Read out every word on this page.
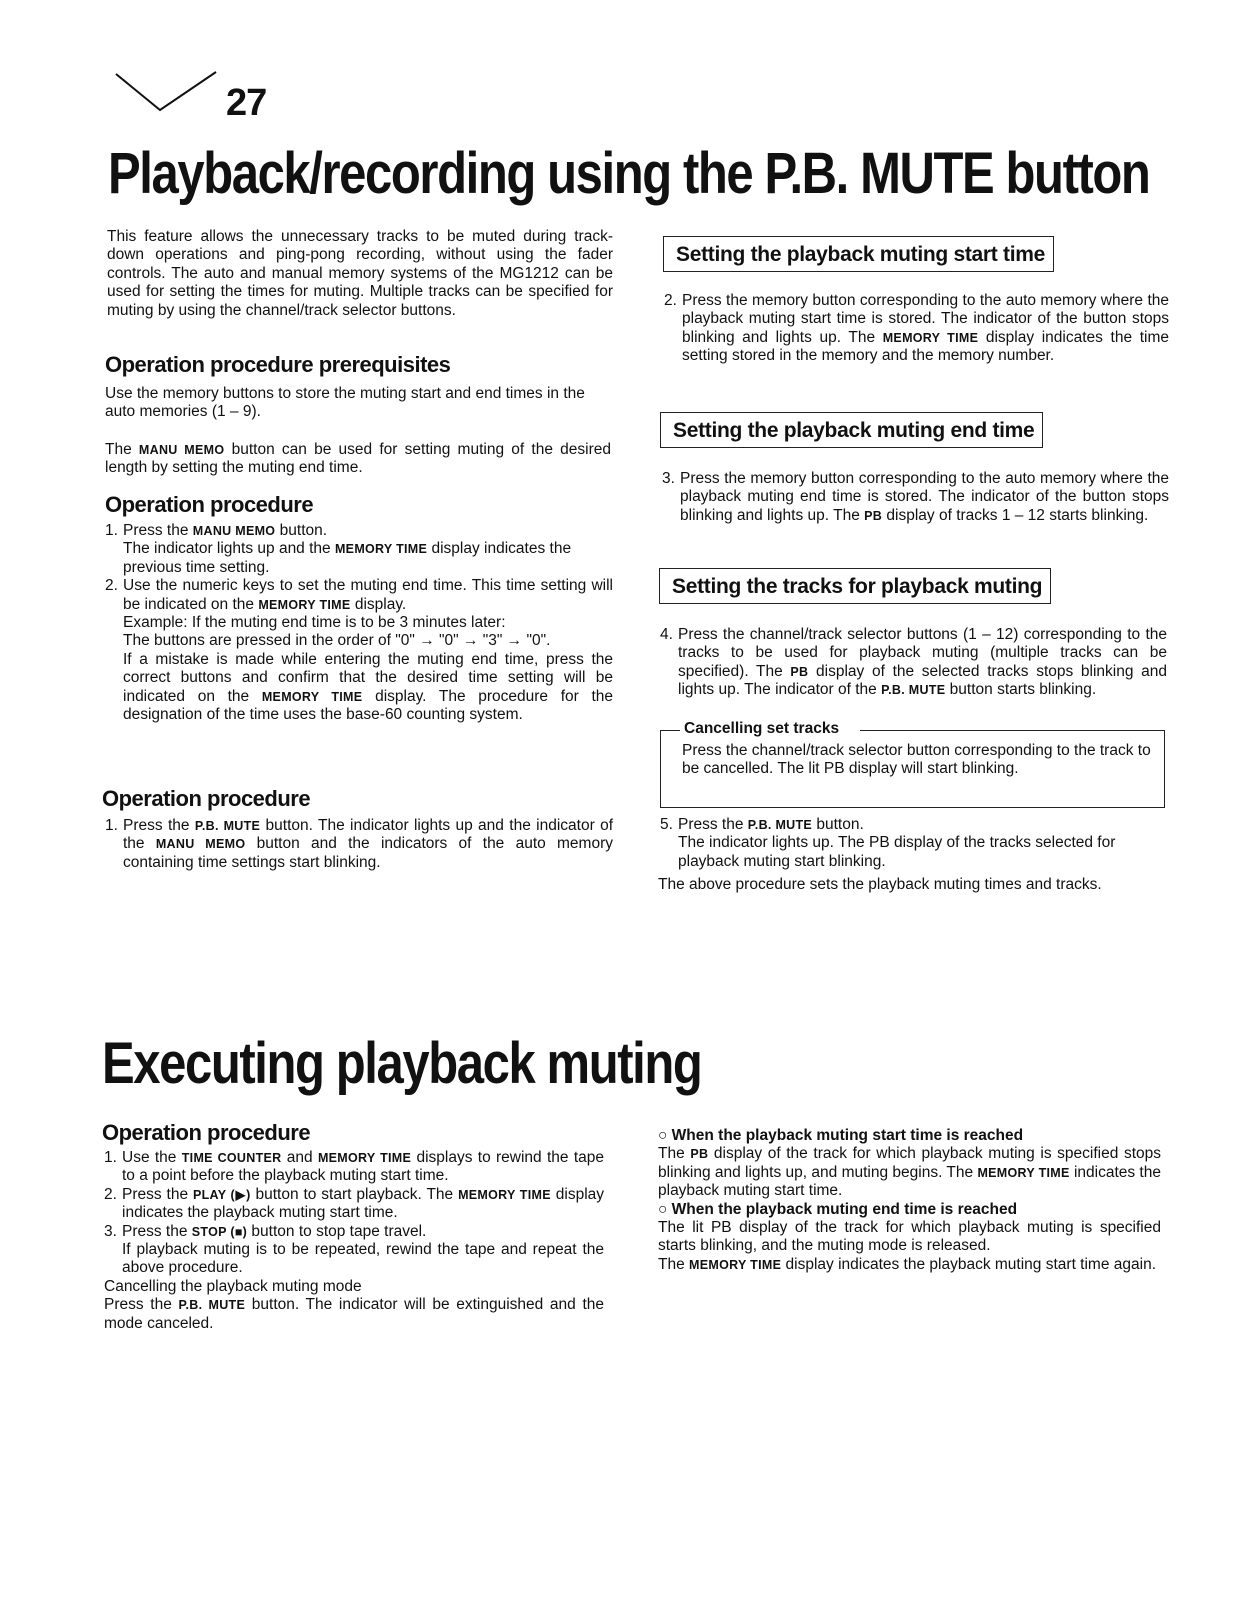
27
Playback/recording using the P.B. MUTE button
This feature allows the unnecessary tracks to be muted during track-down operations and ping-pong recording, without using the fader controls. The auto and manual memory systems of the MG1212 can be used for setting the times for muting. Multiple tracks can be specified for muting by using the channel/track selector buttons.
Operation procedure prerequisites
Use the memory buttons to store the muting start and end times in the auto memories (1 – 9).
The MANU MEMO button can be used for setting muting of the desired length by setting the muting end time.
Operation procedure
1. Press the MANU MEMO button.
The indicator lights up and the MEMORY TIME display indicates the previous time setting.
2. Use the numeric keys to set the muting end time. This time setting will be indicated on the MEMORY TIME display.
Example: If the muting end time is to be 3 minutes later:
The buttons are pressed in the order of "0" → "0" → "3" → "0".
If a mistake is made while entering the muting end time, press the correct buttons and confirm that the desired time setting will be indicated on the MEMORY TIME display. The procedure for the designation of the time uses the base-60 counting system.
Operation procedure
1. Press the P.B. MUTE button. The indicator lights up and the indicator of the MANU MEMO button and the indicators of the auto memory containing time settings start blinking.
Setting the playback muting start time
2. Press the memory button corresponding to the auto memory where the playback muting start time is stored. The indicator of the button stops blinking and lights up. The MEMORY TIME display indicates the time setting stored in the memory and the memory number.
Setting the playback muting end time
3. Press the memory button corresponding to the auto memory where the playback muting end time is stored. The indicator of the button stops blinking and lights up. The PB display of tracks 1 – 12 starts blinking.
Setting the tracks for playback muting
4. Press the channel/track selector buttons (1 – 12) corresponding to the tracks to be used for playback muting (multiple tracks can be specified). The PB display of the selected tracks stops blinking and lights up. The indicator of the P.B. MUTE button starts blinking.
Cancelling set tracks
Press the channel/track selector button corresponding to the track to be cancelled. The lit PB display will start blinking.
5. Press the P.B. MUTE button.
The indicator lights up. The PB display of the tracks selected for playback muting start blinking.
The above procedure sets the playback muting times and tracks.
Executing playback muting
Operation procedure
1. Use the TIME COUNTER and MEMORY TIME displays to rewind the tape to a point before the playback muting start time.
2. Press the PLAY (▶) button to start playback. The MEMORY TIME display indicates the playback muting start time.
3. Press the STOP (■) button to stop tape travel.
If playback muting is to be repeated, rewind the tape and repeat the above procedure.
Cancelling the playback muting mode
Press the P.B. MUTE button. The indicator will be extinguished and the mode canceled.
○ When the playback muting start time is reached
The PB display of the track for which playback muting is specified stops blinking and lights up, and muting begins. The MEMORY TIME indicates the playback muting start time.
○ When the playback muting end time is reached
The lit PB display of the track for which playback muting is specified starts blinking, and the muting mode is released.
The MEMORY TIME display indicates the playback muting start time again.
